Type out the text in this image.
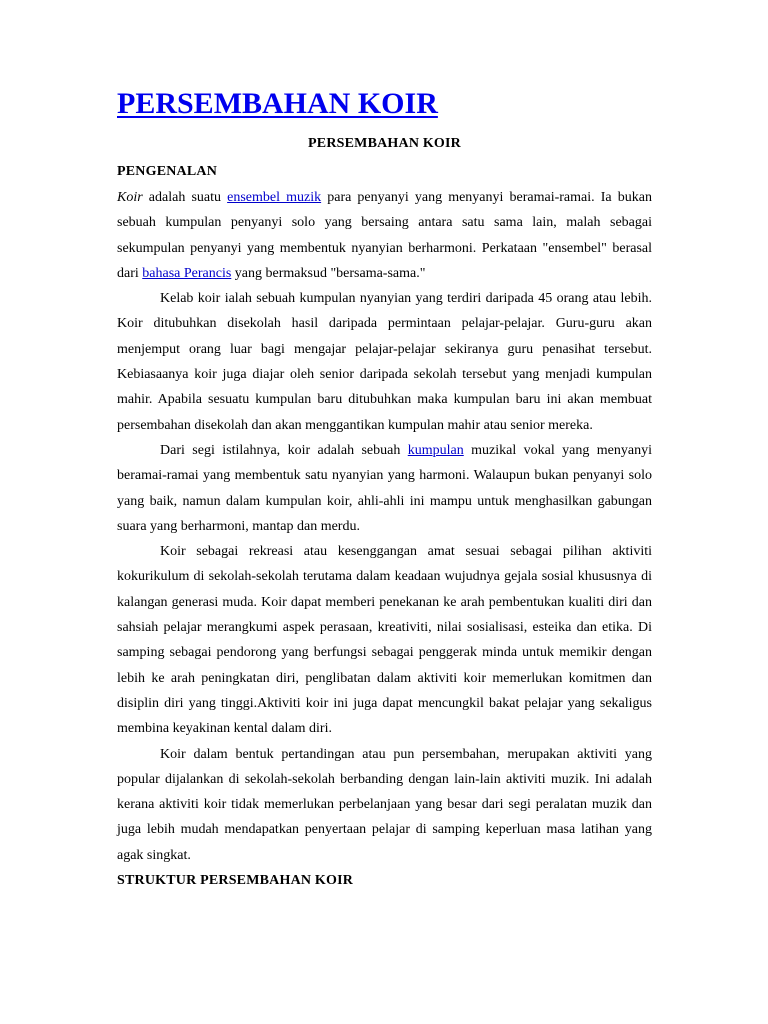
PERSEMBAHAN KOIR
PERSEMBAHAN KOIR
PENGENALAN

Koir adalah suatu ensembel muzik para penyanyi yang menyanyi beramai-ramai. Ia bukan sebuah kumpulan penyanyi solo yang bersaing antara satu sama lain, malah sebagai sekumpulan penyanyi yang membentuk nyanyian berharmoni. Perkataan "ensembel" berasal dari bahasa Perancis yang bermaksud "bersama-sama."

Kelab koir ialah sebuah kumpulan nyanyian yang terdiri daripada 45 orang atau lebih. Koir ditubuhkan disekolah hasil daripada permintaan pelajar-pelajar. Guru-guru akan menjemput orang luar bagi mengajar pelajar-pelajar sekiranya guru penasihat tersebut. Kebiasaanya koir juga diajar oleh senior daripada sekolah tersebut yang menjadi kumpulan mahir. Apabila sesuatu kumpulan baru ditubuhkan maka kumpulan baru ini akan membuat persembahan disekolah dan akan menggantikan kumpulan mahir atau senior mereka.

Dari segi istilahnya, koir adalah sebuah kumpulan muzikal vokal yang menyanyi beramai-ramai yang membentuk satu nyanyian yang harmoni. Walaupun bukan penyanyi solo yang baik, namun dalam kumpulan koir, ahli-ahli ini mampu untuk menghasilkan gabungan suara yang berharmoni, mantap dan merdu.

Koir sebagai rekreasi atau kesenggangan amat sesuai sebagai pilihan aktiviti kokurikulum di sekolah-sekolah terutama dalam keadaan wujudnya gejala sosial khususnya di kalangan generasi muda. Koir dapat memberi penekanan ke arah pembentukan kualiti diri dan sahsiah pelajar merangkumi aspek perasaan, kreativiti, nilai sosialisasi, esteika dan etika. Di samping sebagai pendorong yang berfungsi sebagai penggerak minda untuk memikir dengan lebih ke arah peningkatan diri, penglibatan dalam aktiviti koir memerlukan komitmen dan disiplin diri yang tinggi.Aktiviti koir ini juga dapat mencungkil bakat pelajar yang sekaligus membina keyakinan kental dalam diri.

Koir dalam bentuk pertandingan atau pun persembahan, merupakan aktiviti yang popular dijalankan di sekolah-sekolah berbanding dengan lain-lain aktiviti muzik. Ini adalah kerana aktiviti koir tidak memerlukan perbelanjaan yang besar dari segi peralatan muzik dan juga lebih mudah mendapatkan penyertaan pelajar di samping keperluan masa latihan yang agak singkat.

STRUKTUR PERSEMBAHAN KOIR
